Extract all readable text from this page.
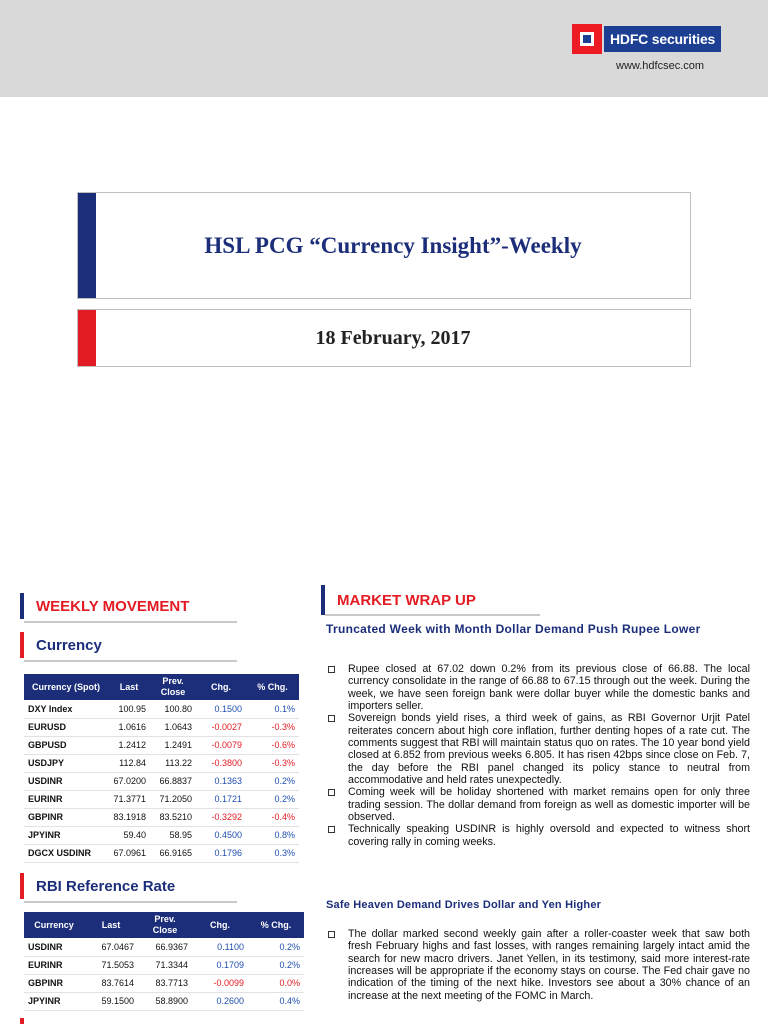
HDFC securities
www.hdfcsec.com
HSL PCG “Currency Insight”-Weekly
18 February, 2017
WEEKLY MOVEMENT
Currency
Currency (Spot)	Last	Prev. Close	Chg.	% Chg.
DXY Index	100.95	100.80	0.1500	0.1%
EURUSD	1.0616	1.0643	-0.0027	-0.3%
GBPUSD	1.2412	1.2491	-0.0079	-0.6%
USDJPY	112.84	113.22	-0.3800	-0.3%
USDINR	67.0200	66.8837	0.1363	0.2%
EURINR	71.3771	71.2050	0.1721	0.2%
GBPINR	83.1918	83.5210	-0.3292	-0.4%
JPYINR	59.40	58.95	0.4500	0.8%
DGCX USDINR	67.0961	66.9165	0.1796	0.3%
RBI Reference Rate
Currency	Last	Prev. Close	Chg.	% Chg.
USDINR	67.0467	66.9367	0.1100	0.2%
EURINR	71.5053	71.3344	0.1709	0.2%
GBPINR	83.7614	83.7713	-0.0099	0.0%
JPYINR	59.1500	58.8900	0.2600	0.4%
MARKET WRAP UP
Truncated Week with Month Dollar Demand Push Rupee Lower
Rupee closed at 67.02 down 0.2% from its previous close of 66.88. The local currency consolidate in the range of 66.88 to 67.15 through out the week. During the week, we have seen foreign bank were dollar buyer while the domestic banks and importers seller.
Sovereign bonds yield rises, a third week of gains, as RBI Governor Urjit Patel reiterates concern about high core inflation, further denting hopes of a rate cut. The comments suggest that RBI will maintain status quo on rates. The 10 year bond yield closed at 6.852 from previous weeks 6.805. It has risen 42bps since close on Feb. 7, the day before the RBI panel changed its policy stance to neutral from accommodative and held rates unexpectedly.
Coming week will be holiday shortened with market remains open for only three trading session. The dollar demand from foreign as well as domestic importer will be observed.
Technically speaking USDINR is highly oversold and expected to witness short covering rally in coming weeks.
Safe Heaven Demand Drives Dollar and Yen Higher
The dollar marked second weekly gain after a roller-coaster week that saw both fresh February highs and fast losses, with ranges remaining largely intact amid the search for new macro drivers. Janet Yellen, in its testimony, said more interest-rate increases will be appropriate if the economy stays on course. The Fed chair gave no indication of the timing of the next hike. Investors see about a 30% chance of an increase at the next meeting of the FOMC in March.
